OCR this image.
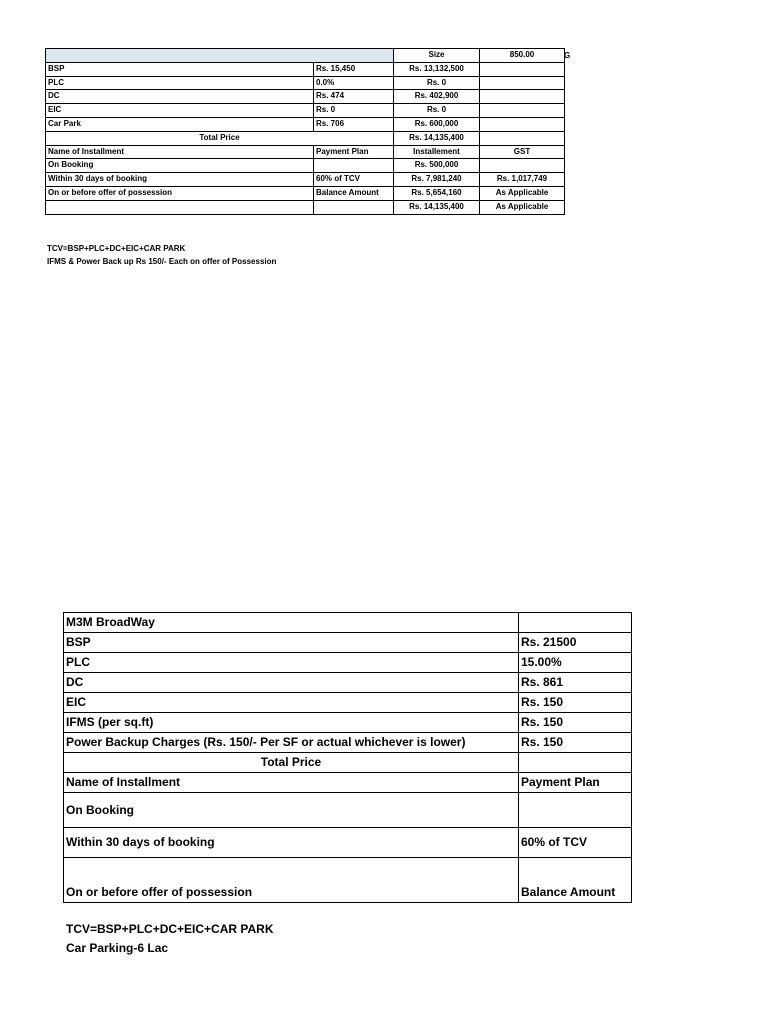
		Size	850.00
BSP	Rs. 15,450	Rs. 13,132,500	
PLC	0.0%	Rs. 0	
DC	Rs. 474	Rs. 402,900	
EIC	Rs. 0	Rs. 0	
Car Park	Rs. 706	Rs. 600,000	
Total Price		Rs. 14,135,400	
Name of Installment	Payment Plan	Installement	GST
On Booking		Rs. 500,000	
Within 30 days of booking	60% of TCV	Rs. 7,981,240	Rs. 1,017,749
On or before offer of possession	Balance Amount	Rs. 5,654,160	As Applicable
		Rs. 14,135,400	As Applicable
G
TCV=BSP+PLC+DC+EIC+CAR PARK
IFMS & Power Back up Rs 150/- Each on offer of Possession
M3M BroadWay	
BSP	Rs. 21500
PLC	15.00%
DC	Rs. 861
EIC	Rs. 150
IFMS (per sq.ft)	Rs. 150
Power Backup Charges (Rs. 150/- Per SF or actual whichever is lower)	Rs. 150
Total Price	
Name of Installment	Payment Plan
On Booking	
Within 30 days of booking	60% of TCV
On or before offer of possession	Balance Amount
TCV=BSP+PLC+DC+EIC+CAR PARK
Car Parking-6 Lac
